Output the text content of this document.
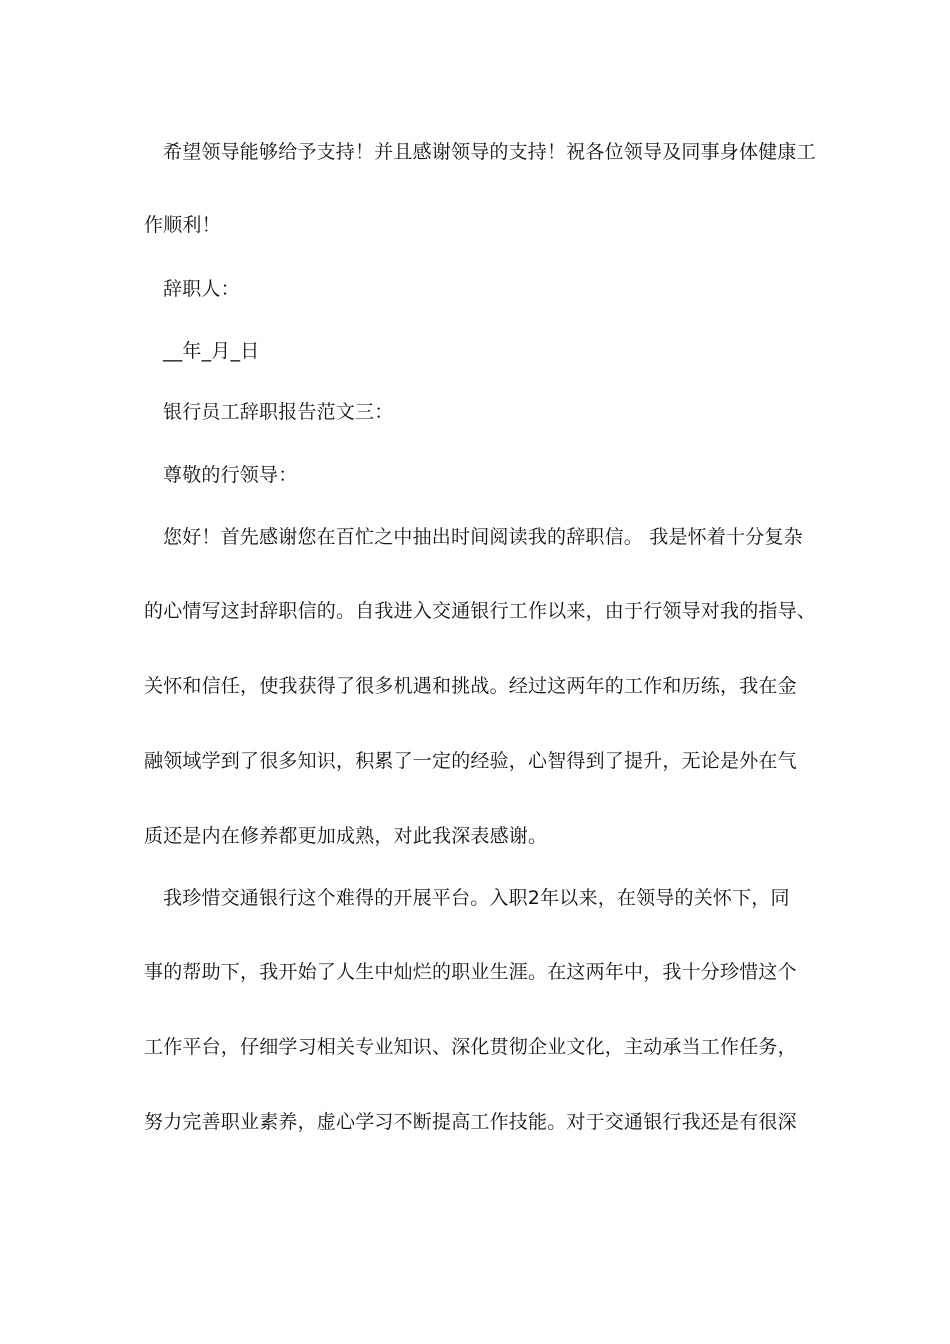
希望领导能够给予支持！并且感谢领导的支持！祝各位领导及同事身体健康工
作顺利！
辞职人：
__年_月_日
银行员工辞职报告范文三：
尊敬的行领导：
您好！首先感谢您在百忙之中抽出时间阅读我的辞职信。 我是怀着十分复杂
的心情写这封辞职信的。自我进入交通银行工作以来，由于行领导对我的指导、
关怀和信任，使我获得了很多机遇和挑战。经过这两年的工作和历练，我在金
融领域学到了很多知识，积累了一定的经验，心智得到了提升，无论是外在气
质还是内在修养都更加成熟，对此我深表感谢。
我珍惜交通银行这个难得的开展平台。入职2年以来，在领导的关怀下，同
事的帮助下，我开始了人生中灿烂的职业生涯。在这两年中，我十分珍惜这个
工作平台，仔细学习相关专业知识、深化贯彻企业文化，主动承当工作任务，
努力完善职业素养，虚心学习不断提高工作技能。对于交通银行我还是有很深
